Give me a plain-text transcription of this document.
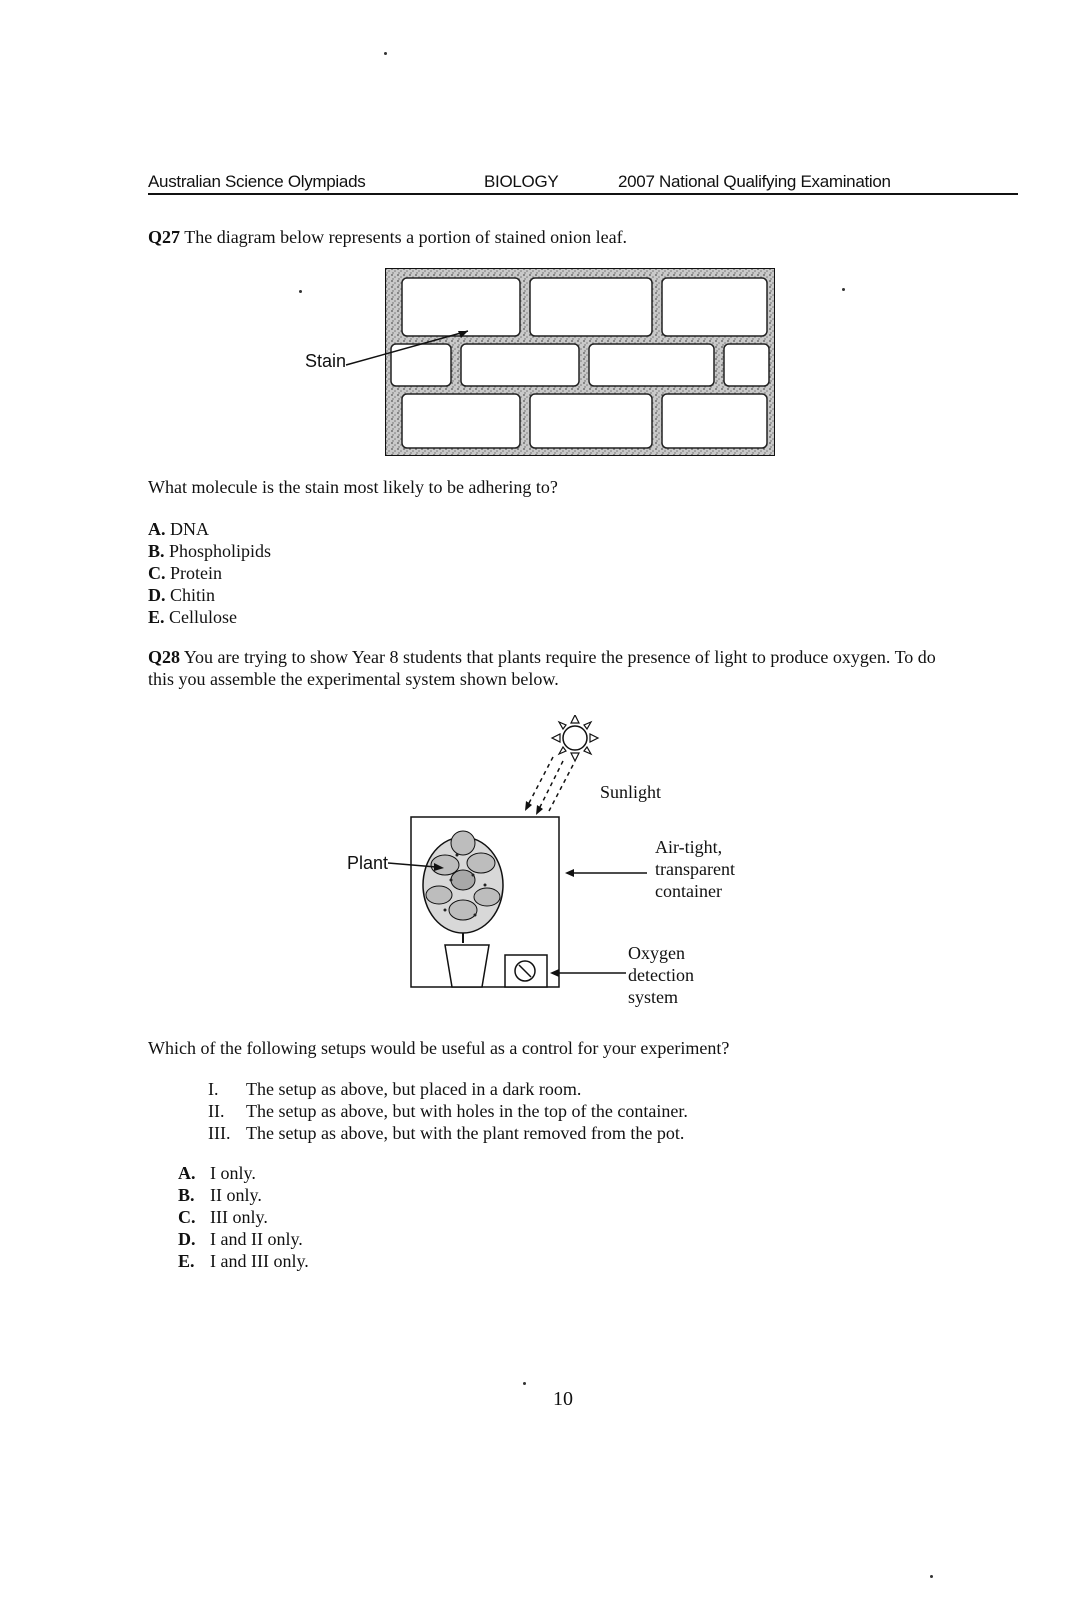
Australian Science Olympiads	BIOLOGY	2007 National Qualifying Examination
Q27 The diagram below represents a portion of stained onion leaf.
Stain
What molecule is the stain most likely to be adhering to?
A. DNA
B. Phospholipids
C. Protein
D. Chitin
E. Cellulose
Q28 You are trying to show Year 8 students that plants require the presence of light to produce oxygen. To do
this you assemble the experimental system shown below.
Sunlight
Plant
Air-tight,
transparent
container
Oxygen
detection
system
Which of the following setups would be useful as a control for your experiment?
I. The setup as above, but placed in a dark room.
II. The setup as above, but with holes in the top of the container.
III. The setup as above, but with the plant removed from the pot.
A. I only.
B. II only.
C. III only.
D. I and II only.
E. I and III only.
10
